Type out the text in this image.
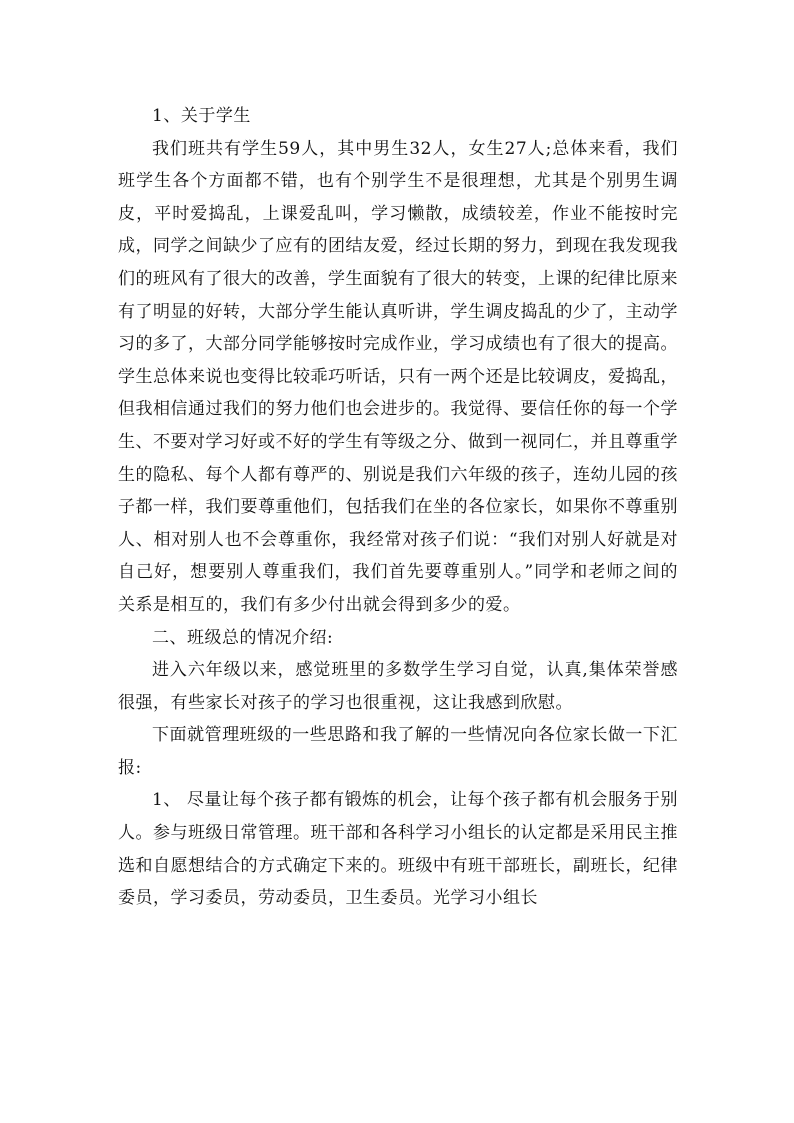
1、关于学生

我们班共有学生59人，其中男生32人，女生27人;总体来看，我们班学生各个方面都不错，也有个别学生不是很理想，尤其是个别男生调皮，平时爱捣乱，上课爱乱叫，学习懒散，成绩较差，作业不能按时完成，同学之间缺少了应有的团结友爱，经过长期的努力，到现在我发现我们的班风有了很大的改善，学生面貌有了很大的转变，上课的纪律比原来有了明显的好转，大部分学生能认真听讲，学生调皮捣乱的少了，主动学习的多了，大部分同学能够按时完成作业，学习成绩也有了很大的提高。学生总体来说也变得比较乖巧听话，只有一两个还是比较调皮，爱捣乱，但我相信通过我们的努力他们也会进步的。我觉得、要信任你的每一个学生、不要对学习好或不好的学生有等级之分、做到一视同仁，并且尊重学生的隐私、每个人都有尊严的、别说是我们六年级的孩子，连幼儿园的孩子都一样，我们要尊重他们，包括我们在坐的各位家长，如果你不尊重别人、相对别人也不会尊重你，我经常对孩子们说：“我们对别人好就是对自己好，想要别人尊重我们，我们首先要尊重别人。”同学和老师之间的关系是相互的，我们有多少付出就会得到多少的爱。

二、班级总的情况介绍:

进入六年级以来，感觉班里的多数学生学习自觉，认真,集体荣誉感很强，有些家长对孩子的学习也很重视，这让我感到欣慰。

下面就管理班级的一些思路和我了解的一些情况向各位家长做一下汇报:

1、 尽量让每个孩子都有锻炼的机会，让每个孩子都有机会服务于别人。参与班级日常管理。班干部和各科学习小组长的认定都是采用民主推选和自愿想结合的方式确定下来的。班级中有班干部班长，副班长，纪律委员，学习委员，劳动委员，卫生委员。光学习小组长
